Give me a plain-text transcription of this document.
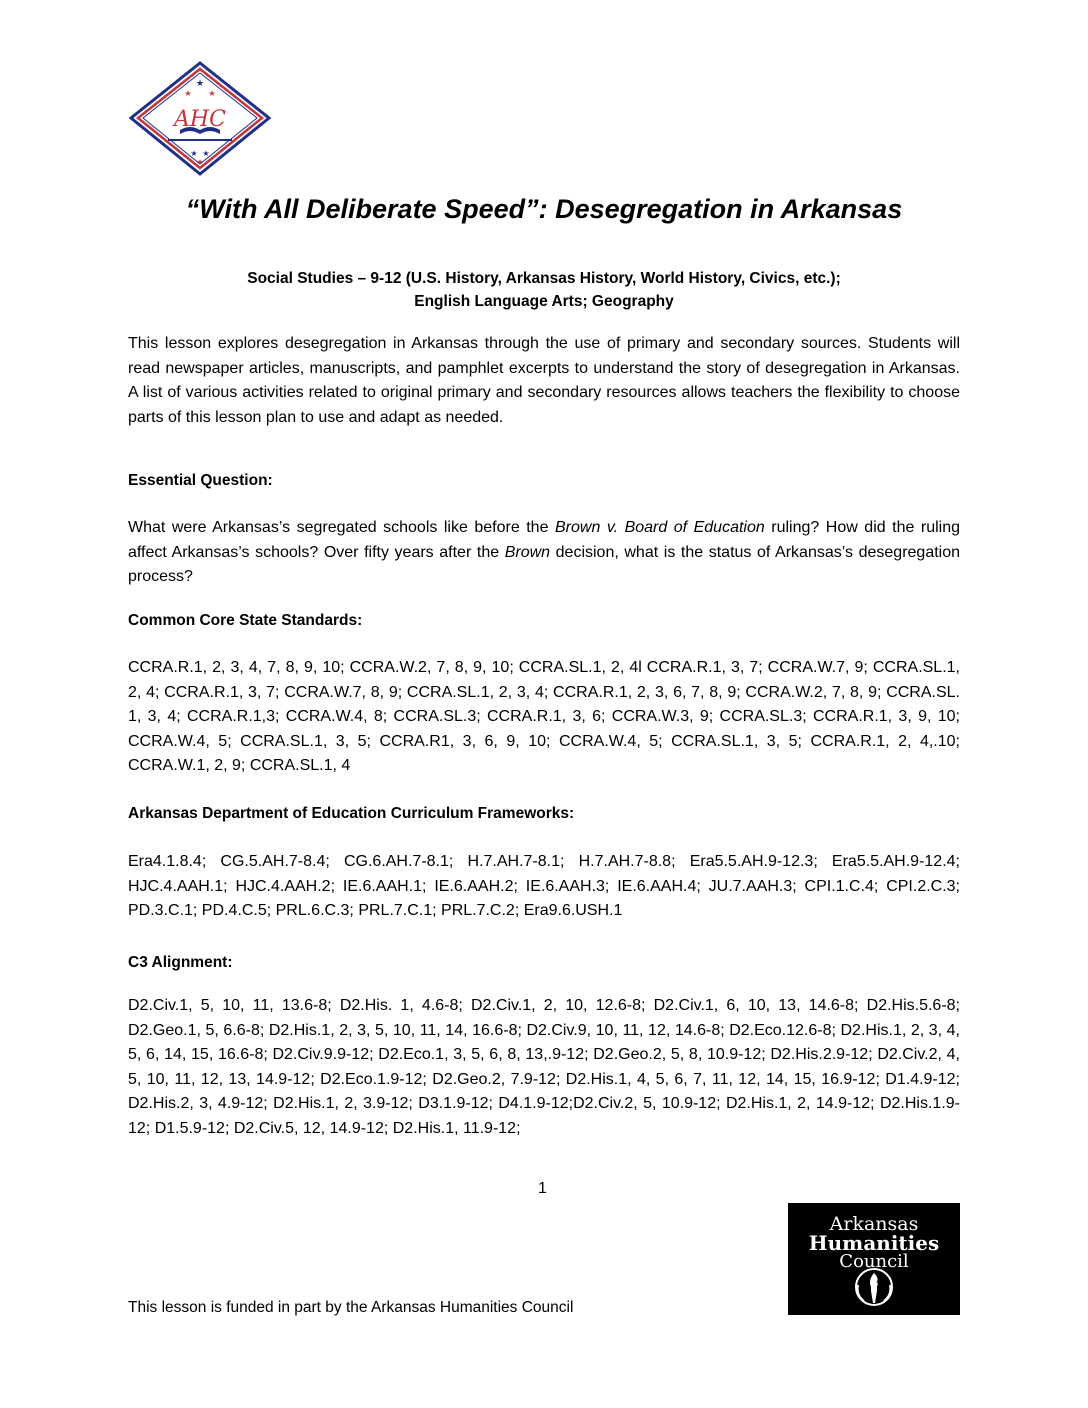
★
★ ★
★ ★
★
AHC
“With All Deliberate Speed”: Desegregation in Arkansas
Social Studies – 9-12 (U.S. History, Arkansas History, World History, Civics, etc.);
English Language Arts; Geography

This lesson explores desegregation in Arkansas through the use of primary and secondary sources. Students will read newspaper articles, manuscripts, and pamphlet excerpts to understand the story of desegregation in Arkansas. A list of various activities related to original primary and secondary resources allows teachers the flexibility to choose parts of this lesson plan to use and adapt as needed.

Essential Question:

What were Arkansas’s segregated schools like before the Brown v. Board of Education ruling? How did the ruling affect Arkansas’s schools? Over fifty years after the Brown decision, what is the status of Arkansas’s desegregation process?

Common Core State Standards:

CCRA.R.1, 2, 3, 4, 7, 8, 9, 10; CCRA.W.2, 7, 8, 9, 10; CCRA.SL.1, 2, 4l CCRA.R.1, 3, 7; CCRA.W.7, 9; CCRA.SL.1, 2, 4; CCRA.R.1, 3, 7; CCRA.W.7, 8, 9; CCRA.SL.1, 2, 3, 4; CCRA.R.1, 2, 3, 6, 7, 8, 9; CCRA.W.2, 7, 8, 9; CCRA.SL. 1, 3, 4; CCRA.R.1,3; CCRA.W.4, 8; CCRA.SL.3; CCRA.R.1, 3, 6; CCRA.W.3, 9; CCRA.SL.3; CCRA.R.1, 3, 9, 10; CCRA.W.4, 5; CCRA.SL.1, 3, 5; CCRA.R1, 3, 6, 9, 10; CCRA.W.4, 5; CCRA.SL.1, 3, 5; CCRA.R.1, 2, 4,.10; CCRA.W.1, 2, 9; CCRA.SL.1, 4

Arkansas Department of Education Curriculum Frameworks:

Era4.1.8.4; CG.5.AH.7-8.4; CG.6.AH.7-8.1; H.7.AH.7-8.1; H.7.AH.7-8.8; Era5.5.AH.9-12.3; Era5.5.AH.9-12.4; HJC.4.AAH.1; HJC.4.AAH.2; IE.6.AAH.1; IE.6.AAH.2; IE.6.AAH.3; IE.6.AAH.4; JU.7.AAH.3; CPI.1.C.4; CPI.2.C.3; PD.3.C.1; PD.4.C.5; PRL.6.C.3; PRL.7.C.1; PRL.7.C.2; Era9.6.USH.1

C3 Alignment:

D2.Civ.1, 5, 10, 11, 13.6-8; D2.His. 1, 4.6-8; D2.Civ.1, 2, 10, 12.6-8; D2.Civ.1, 6, 10, 13, 14.6-8; D2.His.5.6-8; D2.Geo.1, 5, 6.6-8; D2.His.1, 2, 3, 5, 10, 11, 14, 16.6-8; D2.Civ.9, 10, 11, 12, 14.6-8; D2.Eco.12.6-8; D2.His.1, 2, 3, 4, 5, 6, 14, 15, 16.6-8; D2.Civ.9.9-12; D2.Eco.1, 3, 5, 6, 8, 13,.9-12; D2.Geo.2, 5, 8, 10.9-12; D2.His.2.9-12; D2.Civ.2, 4, 5, 10, 11, 12, 13, 14.9-12; D2.Eco.1.9-12; D2.Geo.2, 7.9-12; D2.His.1, 4, 5, 6, 7, 11, 12, 14, 15, 16.9-12; D1.4.9-12; D2.His.2, 3, 4.9-12; D2.His.1, 2, 3.9-12; D3.1.9-12; D4.1.9-12;D2.Civ.2, 5, 10.9-12; D2.His.1, 2, 14.9-12; D2.His.1.9-12; D1.5.9-12; D2.Civ.5, 12, 14.9-12; D2.His.1, 11.9-12;

1
Arkansas
Humanities
Council
This lesson is funded in part by the Arkansas Humanities Council
